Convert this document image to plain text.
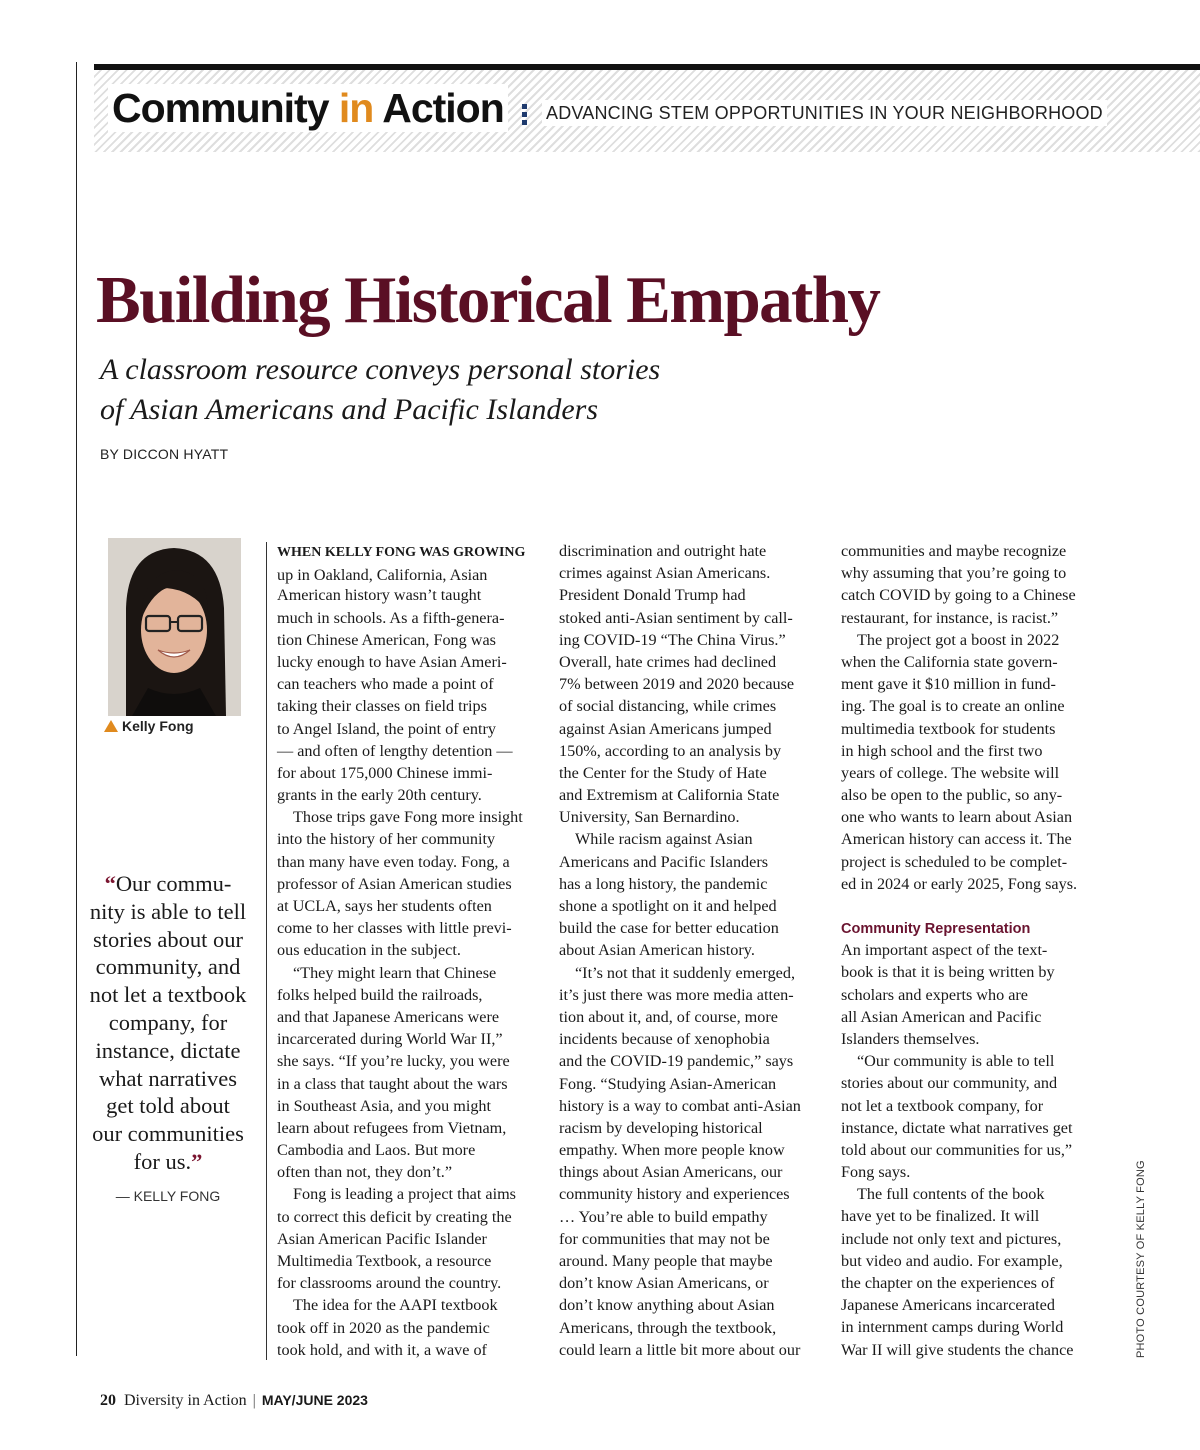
Community in Action ADVANCING STEM OPPORTUNITIES IN YOUR NEIGHBORHOOD
Building Historical Empathy
A classroom resource conveys personal stories
of Asian Americans and Pacific Islanders
BY DICCON HYATT
Kelly Fong
“Our commu-
nity is able to tell
stories about our
community, and
not let a textbook
company, for
instance, dictate
what narratives
get told about
our communities
for us.”
— KELLY FONG
WHEN KELLY FONG WAS GROWING
up in Oakland, California, Asian
American history wasn’t taught
much in schools. As a fifth-genera-
tion Chinese American, Fong was
lucky enough to have Asian Ameri-
can teachers who made a point of
taking their classes on field trips
to Angel Island, the point of entry
— and often of lengthy detention —
for about 175,000 Chinese immi-
grants in the early 20th century.
Those trips gave Fong more insight
into the history of her community
than many have even today. Fong, a
professor of Asian American studies
at UCLA, says her students often
come to her classes with little previ-
ous education in the subject.
“They might learn that Chinese
folks helped build the railroads,
and that Japanese Americans were
incarcerated during World War II,”
she says. “If you’re lucky, you were
in a class that taught about the wars
in Southeast Asia, and you might
learn about refugees from Vietnam,
Cambodia and Laos. But more
often than not, they don’t.”
Fong is leading a project that aims
to correct this deficit by creating the
Asian American Pacific Islander
Multimedia Textbook, a resource
for classrooms around the country.
The idea for the AAPI textbook
took off in 2020 as the pandemic
took hold, and with it, a wave of
discrimination and outright hate
crimes against Asian Americans.
President Donald Trump had
stoked anti-Asian sentiment by call-
ing COVID-19 “The China Virus.”
Overall, hate crimes had declined
7% between 2019 and 2020 because
of social distancing, while crimes
against Asian Americans jumped
150%, according to an analysis by
the Center for the Study of Hate
and Extremism at California State
University, San Bernardino.
While racism against Asian
Americans and Pacific Islanders
has a long history, the pandemic
shone a spotlight on it and helped
build the case for better education
about Asian American history.
“It’s not that it suddenly emerged,
it’s just there was more media atten-
tion about it, and, of course, more
incidents because of xenophobia
and the COVID-19 pandemic,” says
Fong. “Studying Asian-American
history is a way to combat anti-Asian
racism by developing historical
empathy. When more people know
things about Asian Americans, our
community history and experiences
… You’re able to build empathy
for communities that may not be
around. Many people that maybe
don’t know Asian Americans, or
don’t know anything about Asian
Americans, through the textbook,
could learn a little bit more about our
communities and maybe recognize
why assuming that you’re going to
catch COVID by going to a Chinese
restaurant, for instance, is racist.”
The project got a boost in 2022
when the California state govern-
ment gave it $10 million in fund-
ing. The goal is to create an online
multimedia textbook for students
in high school and the first two
years of college. The website will
also be open to the public, so any-
one who wants to learn about Asian
American history can access it. The
project is scheduled to be complet-
ed in 2024 or early 2025, Fong says.
Community Representation
An important aspect of the text-
book is that it is being written by
scholars and experts who are
all Asian American and Pacific
Islanders themselves.
“Our community is able to tell
stories about our community, and
not let a textbook company, for
instance, dictate what narratives get
told about our communities for us,”
Fong says.
The full contents of the book
have yet to be finalized. It will
include not only text and pictures,
but video and audio. For example,
the chapter on the experiences of
Japanese Americans incarcerated
in internment camps during World
War II will give students the chance	PHOTO COURTESY OF KELLY FONG
20 Diversity in Action | MAY/JUNE 2023
